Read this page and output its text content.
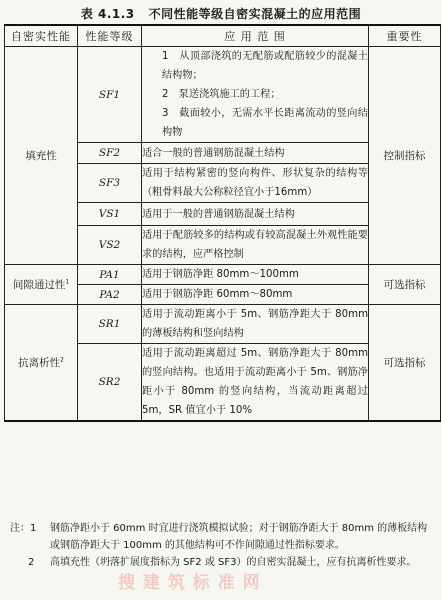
表 4.1.3 不同性能等级自密实混凝土的应用范围
自密实性能	性能等级	应 用 范 围	重要性
填充性	SF1	1　从顶部浇筑的无配筋或配筋较少的混凝土结构物；
2　泵送浇筑施工的工程；
3　截面较小，无需水平长距离流动的竖向结构物	控制指标
	SF2	适合一般的普通钢筋混凝土结构	
	SF3	适用于结构紧密的竖向构件、形状复杂的结构等（粗骨料最大公称粒径宜小于16mm）	
	VS1	适用于一般的普通钢筋混凝土结构	
	VS2	适用于配筋较多的结构或有较高混凝土外观性能要求的结构，应严格控制	
间隙通过性$^1$	PA1	适用于钢筋净距 80mm～100mm	可选指标
	PA2	适用于钢筋净距 60mm～80mm	
抗离析性$^2$	SR1	适用于流动距离小于 5m、钢筋净距大于 80mm 的薄板结构和竖向结构	可选指标
	SR2	适用于流动距离超过 5m、钢筋净距大于 80mm 的竖向结构。也适用于流动距离小于 5m、钢筋净距小于 80mm 的竖向结构，当流动距离超过 5m，SR 值宜小于 10%	
注：1	钢筋净距小于 60mm 时宜进行浇筑模拟试验；对于钢筋净距大于 80mm 的薄板结构或钢筋净距大于 100mm 的其他结构可不作间隙通过性指标要求。
2	高填充性（坍落扩展度指标为 SF2 或 SF3）的自密实混凝土，应有抗离析性要求。
搜 建 筑 标 准 网
